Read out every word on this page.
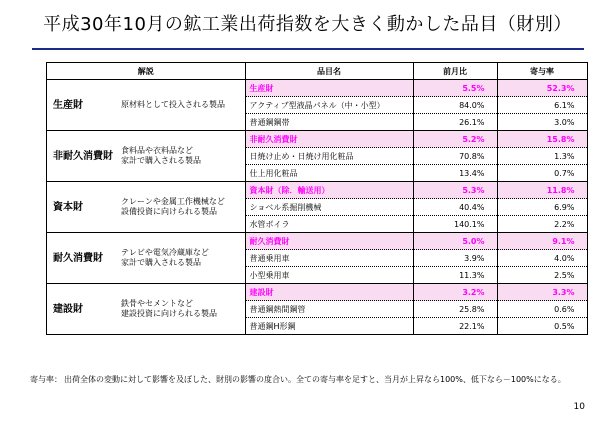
平成30年10月の鉱工業出荷指数を大きく動かした品目（財別）
解説		品目名	前月比	寄与率
生産財	原材料として投入される製品	生産財	5.5%	52.3%
		アクティブ型液晶パネル（中・小型）	84.0%	6.1%
		普通鋼鋼帯	26.1%	3.0%
非耐久消費財	食料品や衣料品など
家計で購入される製品	非耐久消費財	5.2%	15.8%
		日焼け止め・日焼け用化粧品	70.8%	1.3%
		仕上用化粧品	13.4%	0.7%
資本財	クレーンや金属工作機械など
設備投資に向けられる製品	資本財（除．輸送用）	5.3%	11.8%
		ショベル系掘削機械	40.4%	6.9%
		水管ボイラ	140.1%	2.2%
耐久消費財	テレビや電気冷蔵庫など
家計で購入される製品	耐久消費財	5.0%	9.1%
		普通乗用車	3.9%	4.0%
		小型乗用車	11.3%	2.5%
建設財	鉄骨やセメントなど
建設投資に向けられる製品	建設財	3.2%	3.3%
		普通鋼熱間鋼管	25.8%	0.6%
		普通鋼H形鋼	22.1%	0.5%
寄与率： 出荷全体の変動に対して影響を及ぼした、財別の影響の度合い。全ての寄与率を足すと、当月が上昇なら100%、低下なら－100%になる。
10
